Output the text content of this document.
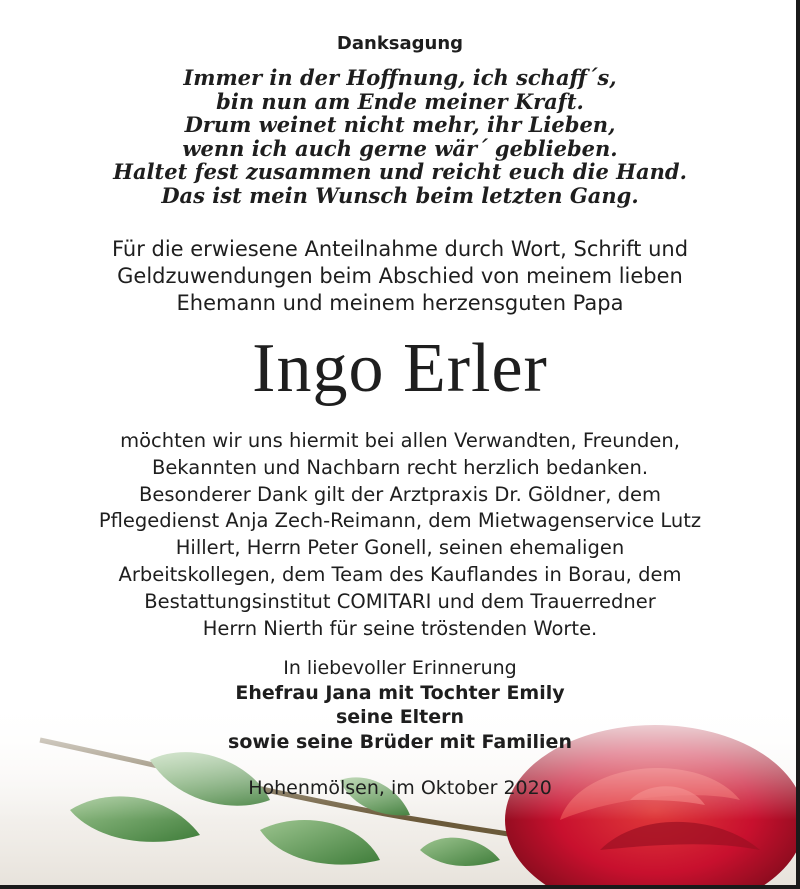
Danksagung
Immer in der Hoffnung, ich schaff´s,
bin nun am Ende meiner Kraft.
Drum weinet nicht mehr, ihr Lieben,
wenn ich auch gerne wär´ geblieben.
Haltet fest zusammen und reicht euch die Hand.
Das ist mein Wunsch beim letzten Gang.
Für die erwiesene Anteilnahme durch Wort, Schrift und
Geldzuwendungen beim Abschied von meinem lieben
Ehemann und meinem herzensguten Papa
Ingo Erler
möchten wir uns hiermit bei allen Verwandten, Freunden,
Bekannten und Nachbarn recht herzlich bedanken.
Besonderer Dank gilt der Arztpraxis Dr. Göldner, dem
Pflegedienst Anja Zech-Reimann, dem Mietwagenservice Lutz
Hillert, Herrn Peter Gonell, seinen ehemaligen
Arbeitskollegen, dem Team des Kauflandes in Borau, dem
Bestattungsinstitut COMITARI und dem Trauerredner
Herrn Nierth für seine tröstenden Worte.
In liebevoller Erinnerung
Ehefrau Jana mit Tochter Emily
seine Eltern
sowie seine Brüder mit Familien
Hohenmölsen, im Oktober 2020
